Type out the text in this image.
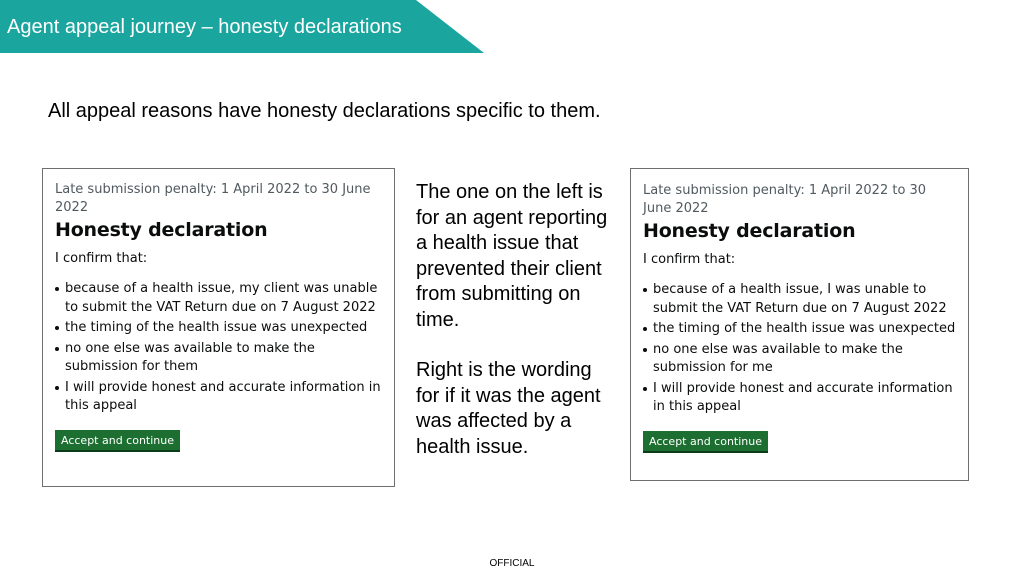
Agent appeal journey – honesty declarations
All appeal reasons have honesty declarations specific to them.

Late submission penalty: 1 April 2022 to 30 June 2022

Honesty declaration

I confirm that:

because of a health issue, my client was unable to submit the VAT Return due on 7 August 2022
the timing of the health issue was unexpected
no one else was available to make the submission for them
I will provide honest and accurate information in this appeal
Accept and continue

The one on the left is for an agent reporting a health issue that prevented their client from submitting on time.

Right is the wording for if it was the agent was affected by a health issue.

Late submission penalty: 1 April 2022 to 30 June 2022

Honesty declaration

I confirm that:

because of a health issue, I was unable to submit the VAT Return due on 7 August 2022
the timing of the health issue was unexpected
no one else was available to make the submission for me
I will provide honest and accurate information in this appeal
Accept and continue
OFFICIAL
